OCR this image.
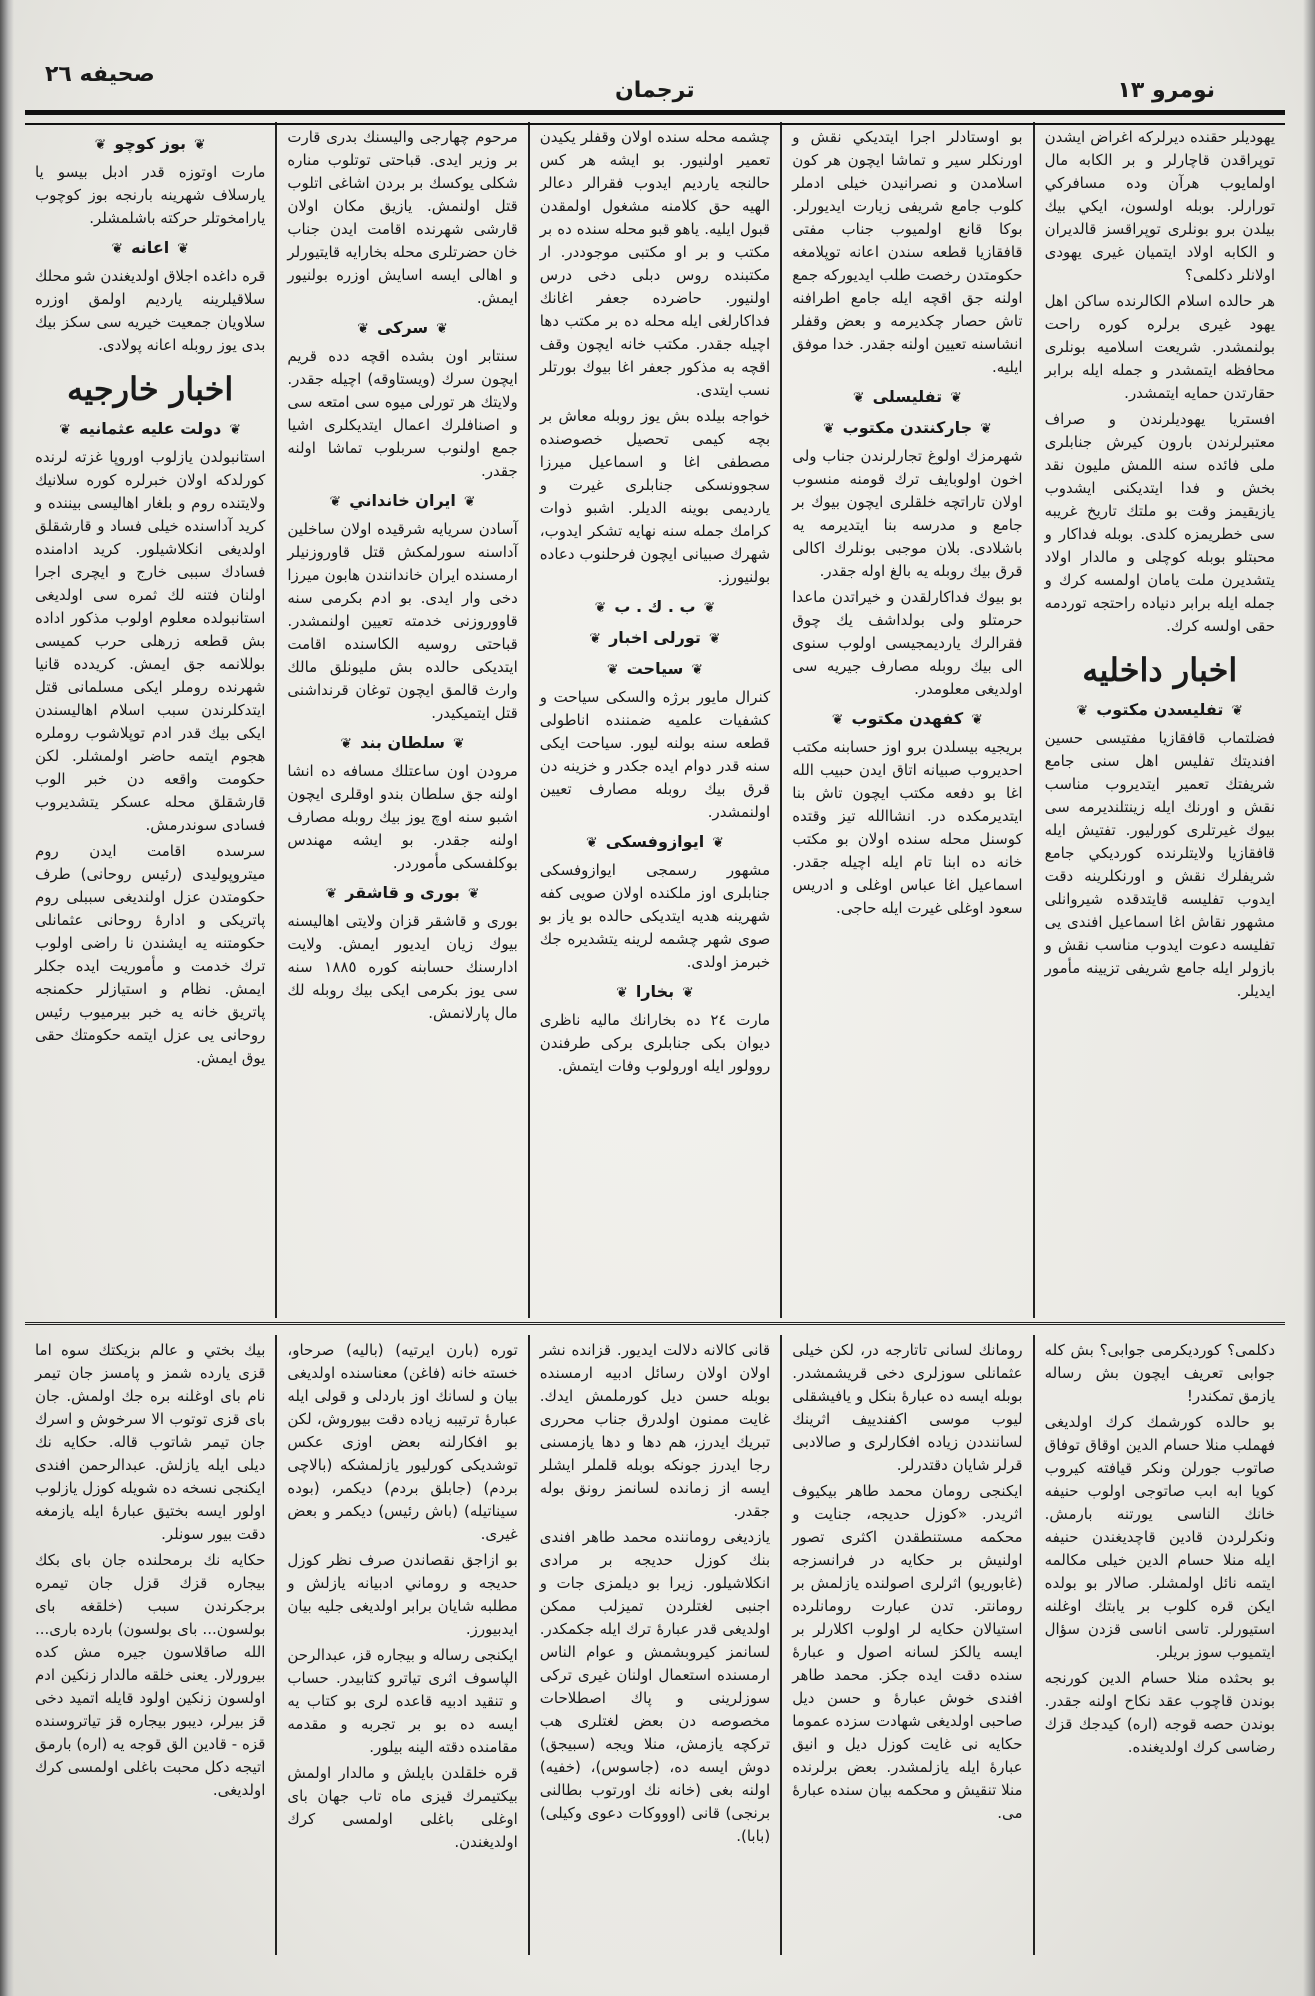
صحيفه ٢٦
ترجمان	نومرو ١٣
يهوديلر حقنده ديرلركه اغراض ايشدن توپراقدن قاچارلر و بر الكابه مال اولمايوب هرآن وده مسافركي تورارلر. بوبله اولسون، ايكي بيك بيلدن برو بونلرى توپراقسز قالديران و الكابه اولاد ايتميان غيرى يهودى اولانلر دكلمى؟
هر حالده اسلام الكالرنده ساكن اهل يهود غيرى برلره كوره راحت بولنمشدر. شريعت اسلاميه بونلرى محافظه ايتمشدر و جمله ايله برابر حقارتدن حمايه ايتمشدر.
افستريا يهوديلرندن و صراف معتبرلرندن بارون كيرش جنابلرى ملى فائده سنه اللمش مليون نقد بخش و فدا ايتديكنى ايشدوب يازيقيمز وقت بو ملتك تاريخ غريبه سى خطريمزه كلدى. بوبله فداكار و محبتلو بوبله كوچلى و مالدار اولاد يتشديرن ملت يامان اولمسه كرك و جمله ايله برابر دنياده راحتجه توردمه حقى اولسه كرك.
اخبار داخليه
❦ تفليسدن مكتوب ❦
فضلتماب قافقازيا مفتيسى حسين افنديتك تفليس اهل سنى جامع شريفتك تعمير ايتديروب مناسب نقش و اورنك ايله زينتلنديرمه سى بيوك غيرتلرى كورليور. تفتيش ايله قافقازيا ولايتلرنده كورديكي جامع شريفلرك نقش و اورنكلرينه دقت ايدوب تفليسه قايتدقده شيروانلى مشهور نقاش اغا اسماعيل افندى يى تفليسه دعوت ايدوب مناسب نقش و بازولر ايله جامع شريفى تزيينه مأمور ايديلر.
بو اوستادلر اجرا ايتديكي نقش و اورنكلر سير و تماشا ايچون هر كون اسلامدن و نصرانيدن خيلى ادملر كلوب جامع شريفى زيارت ايديورلر. بوكا قانع اولميوب جناب مفتى قافقازيا قطعه سندن اعانه توپلامغه حكومتدن رخصت طلب ايديوركه جمع اولنه جق اقچه ايله جامع اطرافنه تاش حصار چكديرمه و بعض وقفلر انشاسنه تعيين اولنه جقدر. خدا موفق ايليه.
❦ تفليسلى ❦
❦ جاركنتدن مكتوب ❦
شهرمزك اولوغ تجارلرندن جناب ولى اخون اولوبايف ترك قومنه منسوب اولان تاراتچه خلقلرى ايچون بيوك بر جامع و مدرسه بنا ايتديرمه يه باشلادى. بلان موجبى بونلرك اكالى قرق بيك روبله يه بالغ اوله جقدر.
بو بيوك فداكارلقدن و خيراتدن ماعدا حرمتلو ولى بولداشف يك چوق فقرالرك يارديمجيسى اولوب سنوى الى بيك روبله مصارف جيريه سى اولديغى معلومدر.
❦ كفهدن مكتوب ❦
بريجيه بيسلدن برو اوز حسابنه مكتب احديروب صبيانه اتاق ايدن حبيب الله اغا بو دفعه مكتب ايچون تاش بنا ايتديرمكده در. انشاالله تيز وقتده كوسنل محله سنده اولان بو مكتب خانه ده ابنا تام ايله اچيله جقدر. اسماعيل اغا عباس اوغلى و ادريس سعود اوغلى غيرت ايله حاجى.
چشمه محله سنده اولان وقفلر يكيدن تعمير اولنيور. بو ايشه هر كس حالنجه يارديم ايدوب فقرالر دعالر الهيه حق كلامنه مشغول اولمقدن قبول ايليه. ياهو قبو محله سنده ده بر مكتب و بر او مكتبى موجوددر. ار مكتبنده روس دبلى دخى درس اولنيور. حاضرده جعفر اغانك فداكارلغى ايله محله ده بر مكتب دها اچيله جقدر. مكتب خانه ايچون وقف اقچه به مذكور جعفر اغا بيوك بورتلر نسب ايتدى.
خواجه بيلده بش يوز روبله معاش بر بچه كيمى تحصيل خصوصنده مصطفى اغا و اسماعيل ميرزا سجوونسكى جنابلرى غيرت و يارديمى بوينه الديلر. اشبو ذوات كرامك جمله سنه نهايه تشكر ايدوب، شهرك صبيانى ايچون فرحلنوب دعاده بولنيورز.
❦ ب . ك . ب ❦
❦ تورلى اخبار ❦
❦ سياحت ❦
كنرال مايور برژه والسكى سياحت و كشفيات علميه ضمننده اناطولى قطعه سنه بولنه ليور. سياحت ايكى سنه قدر دوام ايده جكدر و خزينه دن قرق بيك روبله مصارف تعيين اولنمشدر.
❦ ايوازوفسكى ❦
مشهور رسمجى ايوازوفسكى جنابلرى اوز ملكنده اولان صويى كفه شهرينه هديه ايتديكى حالده بو ياز بو صوى شهر چشمه لرينه يتشديره جك خبرمز اولدى.
❦ بخارا ❦
مارت ٢٤ ده بخارانك ماليه ناظرى ديوان بكى جنابلرى بركى طرفندن روولور ايله اورولوب وفات ايتمش.
مرحوم چهارجى واليسنك بدرى قارت بر وزير ايدى. قباحتى توتلوب مناره شكلى يوكسك بر بردن اشاغى اتلوب قتل اولنمش. يازيق مكان اولان قارشى شهرنده اقامت ايدن جناب خان حضرتلرى محله بخارايه قايتيورلر و اهالى ايسه اسايش اوزره بولنيور ايمش.
❦ سركى ❦
سنتابر اون بشده اقچه دده قريم ايچون سرك (ويستاوقه) اچيله جقدر. ولايتك هر تورلى ميوه سى امتعه سى و اصنافلرك اعمال ايتديكلرى اشيا جمع اولنوب سربلوب تماشا اولنه جقدر.
❦ ايران خانداني ❦
آسادن سريايه شرقيده اولان ساخلين آداسنه سورلمكش قتل قاوروزنيلر ارمسنده ايران خاندانندن هابون ميرزا دخى وار ايدى. بو ادم بكرمى سنه قاووروزنى خدمته تعيين اولنمشدر. قباحتى روسيه الكاسنده اقامت ايتديكى حالده بش مليونلق مالك وارث قالمق ايچون توغان قرنداشنى قتل ايتميكيدر.
❦ سلطان بند ❦
مرودن اون ساعتلك مسافه ده انشا اولنه جق سلطان بندو اوقلرى ايچون اشبو سنه اوچ يوز بيك روبله مصارف اولنه جقدر. بو ايشه مهندس بوكلفسكى مأموردر.
❦ بورى و قاشقر ❦
بورى و قاشقر قزان ولايتى اهاليسنه بيوك زيان ايديور ايمش. ولايت ادارسنك حسابنه كوره ١٨٨٥ سنه سى يوز بكرمى ايكى بيك روبله لك مال پارلانمش.
❦ بوز كوچو ❦
مارت اوتوزه قدر ادبل بيسو يا يارسلاف شهرينه بارنجه بوز كوچوب يارامخوتلر حركته باشلمشلر.
❦ اعانه ❦
قره داغده اجلاق اولديغندن شو محلك سلاقيلرينه يارديم اولمق اوزره سلاويان جمعيت خيريه سى سكز بيك بدى يوز روبله اعانه پولادى.
اخبار خارجيه
❦ دولت عليه عثمانيه ❦
استانبولدن يازلوب اوروپا غزته لرنده كورلدكه اولان خبرلره كوره سلانيك ولايتنده روم و بلغار اهاليسى بيننده و كريد آداسنده خيلى فساد و قارشقلق اولديغى انكلاشيلور. كريد ادامنده فسادك سببى خارج و ايچرى اجرا اولنان فتنه لك ثمره سى اولديغى استانبولده معلوم اولوب مذكور اداده بش قطعه زرهلى حرب كميسى بوللانمه جق ايمش. كريدده قانيا شهرنده روملر ايكى مسلمانى قتل ايتدكلرندن سبب اسلام اهاليسندن ايكى بيك قدر ادم توپلاشوب روملره هجوم ايتمه حاضر اولمشلر. لكن حكومت واقعه دن خبر الوب قارشقلق محله عسكر يتشديروب فسادى سوندرمش.
سرسده اقامت ايدن روم ميتروپوليدى (رئيس روحانى) طرف حكومتدن عزل اولنديغى سببلى روم پاتريكى و ادارۀ روحانى عثمانلى حكومتنه يه ايشندن نا راضى اولوب ترك خدمت و مأموريت ايده جكلر ايمش. نظام و استيازلر حكمنجه پاتريق خانه يه خبر بيرميوب رئيس روحانى يى عزل ايتمه حكومتك حقى يوق ايمش.
دكلمى؟ كورديكرمى جوابى؟ بش كله جوابى تعريف ايچون بش رساله يازمق تمكندر!
بو حالده كورشمك كرك اولديغى فهملب منلا حسام الدين اوقاق توفاق صاتوب جورلن ونكر قيافته كيروب كويا ابه ابب صاتوجى اولوب حنيفه خانك الناسى يورتنه بارمش. ونكرلردن قادين قاچديغندن حنيفه ايله منلا حسام الدين خيلى مكالمه ايتمه نائل اولمشلر. صالار بو بولده ايكن قره كلوب بر يابتك اوغلنه استيورلر. تاسى اناسى قزدن سؤال ايتميوب سوز بريلر.
بو بحثده منلا حسام الدين كورنجه بوندن قاچوب عقد نكاح اولنه جقدر. بوندن حصه قوجه (اره) كيدجك قزك رضاسى كرك اولديغنده.
رومانك لسانى تاتارجه در، لكن خيلى عثمانلى سوزلرى دخى قريشمشدر. بوبله ايسه ده عبارۀ بنكل و يافيشقلى ليوب موسى اكفندييف اثرينك لساننددن زياده افكارلرى و صالادبى قرلر شايان دقتدرلر.
ايكنجى رومان محمد طاهر بيكيوف اثريدر. «كوزل حديجه، جنايت و محكمه مستنطقدن اكثرى تصور اولنيش بر حكايه در فرانسزجه (غابوريو) اثرلرى اصولنده يازلمش بر رومانتر. تدن عبارت رومانلرده استيالان حكايه لر اولوب اكلارلر بر ايسه يالكز لسانه اصول و عبارۀ سنده دقت ايده جكز. محمد طاهر افندى خوش عبارۀ و حسن ديل صاحبى اولديغى شهادت سزده عموما حكايه نى غايت كوزل ديل و انيق عبارۀ ايله يازلمشدر. بعض برلرنده منلا تنقيش و محكمه بيان سنده عبارۀ مى.
قانى كالانه دلالت ايديور. قزانده نشر اولان اولان رسائل ادبيه ارمسنده بوبله حسن ديل كورملمش ايدك. غايت ممنون اولدرق جناب محررى تبريك ايدرز، هم دها و دها يازمسنى رجا ايدرز جونكه بوبله قلملر ايشلر ايسه از زمانده لسانمز رونق بوله جقدر.
يازديغى روماننده محمد طاهر افندى بنك كوزل حديجه بر مرادى انكلاشيلور. زيرا بو ديلمزى جات و اجنبى لغتلردن تميزلب ممكن اولديغى قدر عبارۀ ترك ايله جكمكدر. لسانمز كيروبشمش و عوام الناس ارمسنده استعمال اولنان غيرى تركى سوزلرينى و پاك اصطلاحات مخصوصه دن بعض لغتلرى هب تركچه يازمش، منلا ويجه (سبيجق) دوش ايسه ده، (جاسوس)، (خفيه) اولنه بغى (خانه نك اورتوب بطالنى برنجى) قانى (اوووكات دعوى وكيلى) (بابا).
توره (بارن ايرتيه) (باليه) صرحاو، خسته خانه (فاغن) معناسنده اولديغى بيان و لسانك اوز باردلى و قولى ايله عبارۀ ترتيبه زياده دقت بيوروش، لكن بو افكارلنه بعض اوزى عكس توشديكى كورليور يازلمشكه (بالاچى بردم) (جابلق بردم) ديكمر، (بوده سيناتيله) (باش رئيس) ديكمر و بعض غيرى.
بو ازاجق نقصاندن صرف نظر كوزل حديجه و روماني ادبيانه يازلش و مطلبه شايان برابر اولديغى جليه بيان ايدبيورز.
ايكنجى رساله و بيجاره قز، عبدالرحن الپاسوف اثرى تياترو كتابيدر. حساب و تنقيد ادبيه قاعده لرى بو كتاب يه ايسه ده بو بر تجربه و مقدمه مقامنده دقته الينه بيلور.
قره خلقلدن بايلش و مالدار اولمش بيكتيمرك قيزى ماه تاب جهان باى اوغلى باغلى اولمسى كرك اولديغندن.
بيك بختي و عالم بزيكتك سوه اما قزى يارده شمز و پامسز جان تيمر نام باى اوغلنه بره جك اولمش. جان باى قزى توتوب الا سرخوش و اسرك جان تيمر شاتوب قاله. حكايه نك ديلى ايله يازلش. عبدالرحمن افندى ايكنجى نسخه ده شويله كوزل يازلوب اولور ايسه بختيق عبارۀ ايله يازمغه دقت بيور سونلر.
حكايه نك برمحلنده جان باى بكك بيجاره قزك قزل جان تيمره برجكرندن سبب (خلقغه باى بولسون... باى بولسون) بارده بارى... الله صاقلاسون جيره مش كده بيرورلار. يعنى خلقه مالدار زنكين ادم اولسون زنكين اولود قايله اتميد دخى قز بيرلر، ديبور بيجاره قز تياتروسنده قزه - قادين الق قوجه يه (اره) بارمق اتيجه دكل محبت باغلى اولمسى كرك اولديغى.
